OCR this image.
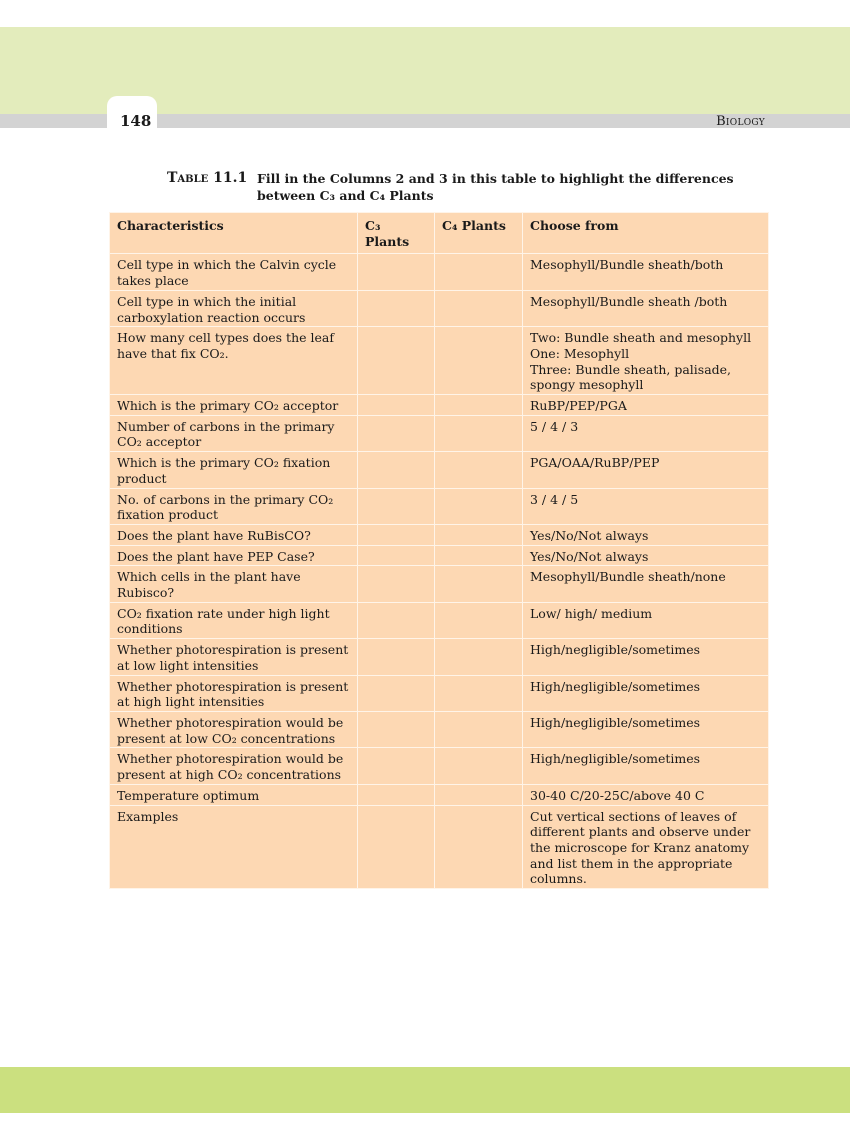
148	Biology
Table 11.1 Fill in the Columns 2 and 3 in this table to highlight the differences between C₃ and C₄ Plants
Characteristics	C₃ Plants	C₄ Plants	Choose from
Cell type in which the Calvin cycle takes place			Mesophyll/Bundle sheath/both

Cell type in which the initial carboxylation reaction occurs			Mesophyll/Bundle sheath /both

How many cell types does the leaf have that fix CO₂.			Two: Bundle sheath and mesophyll
One: Mesophyll
Three: Bundle sheath, palisade, spongy mesophyll

Which is the primary CO₂ acceptor			RuBP/PEP/PGA

Number of carbons in the primary CO₂ acceptor			5 / 4 / 3

Which is the primary CO₂ fixation product			PGA/OAA/RuBP/PEP

No. of carbons in the primary CO₂ fixation product			3 / 4 / 5

Does the plant have RuBisCO?			Yes/No/Not always

Does the plant have PEP Case?			Yes/No/Not always

Which cells in the plant have Rubisco?			Mesophyll/Bundle sheath/none

CO₂ fixation rate under high light conditions			Low/ high/ medium

Whether photorespiration is present at low light intensities			High/negligible/sometimes

Whether photorespiration is present at high light intensities			High/negligible/sometimes

Whether photorespiration would be present at low CO₂ concentrations			High/negligible/sometimes

Whether photorespiration would be present at high CO₂ concentrations			High/negligible/sometimes

Temperature optimum			30-40 C/20-25C/above 40 C

Examples			Cut vertical sections of leaves of different plants and observe under the microscope for Kranz anatomy and list them in the appropriate columns.
